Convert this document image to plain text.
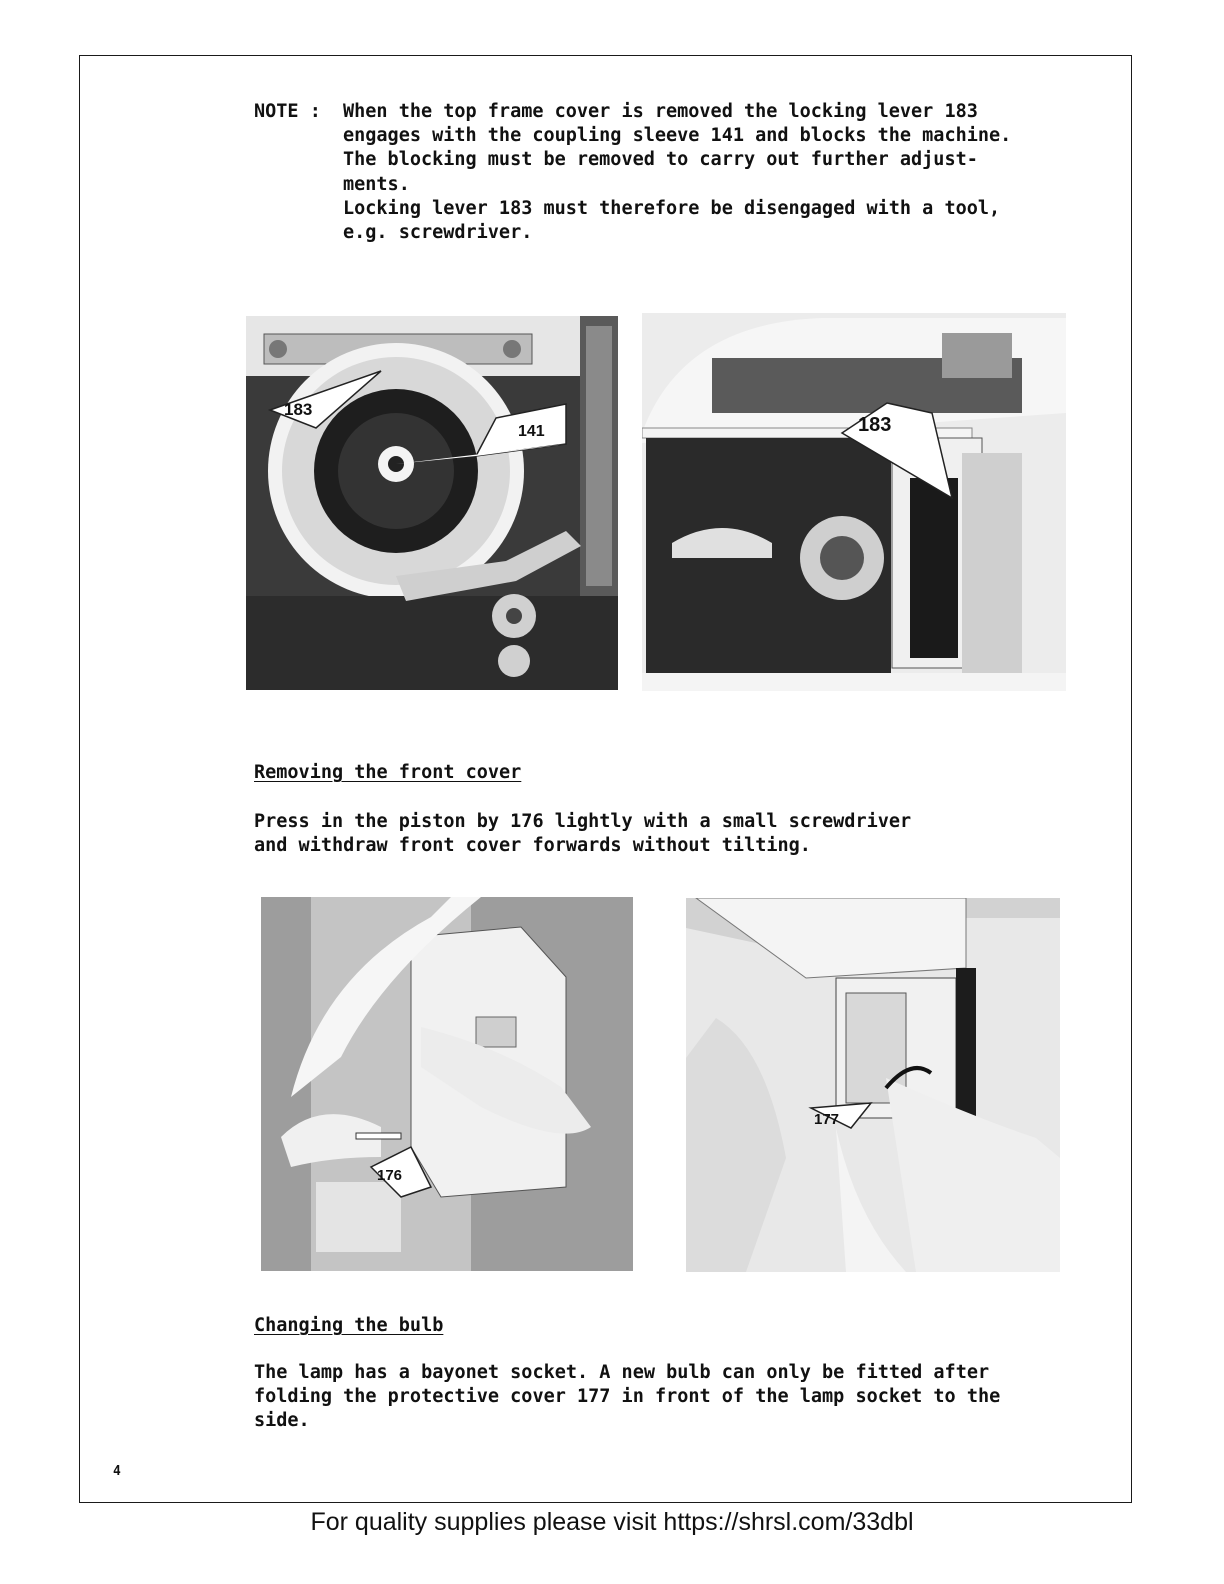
NOTE : When the top frame cover is removed the locking lever 183
engages with the coupling sleeve 141 and blocks the machine.
The blocking must be removed to carry out further adjust-
ments.
Locking lever 183 must therefore be disengaged with a tool,
e.g. screwdriver.
183
141	183
Removing the front cover
Press in the piston by 176 lightly with a small screwdriver
and withdraw front cover forwards without tilting.
176
177
Changing the bulb
The lamp has a bayonet socket. A new bulb can only be fitted after
folding the protective cover 177 in front of the lamp socket to the
side.
4
For quality supplies please visit https://shrsl.com/33dbl
